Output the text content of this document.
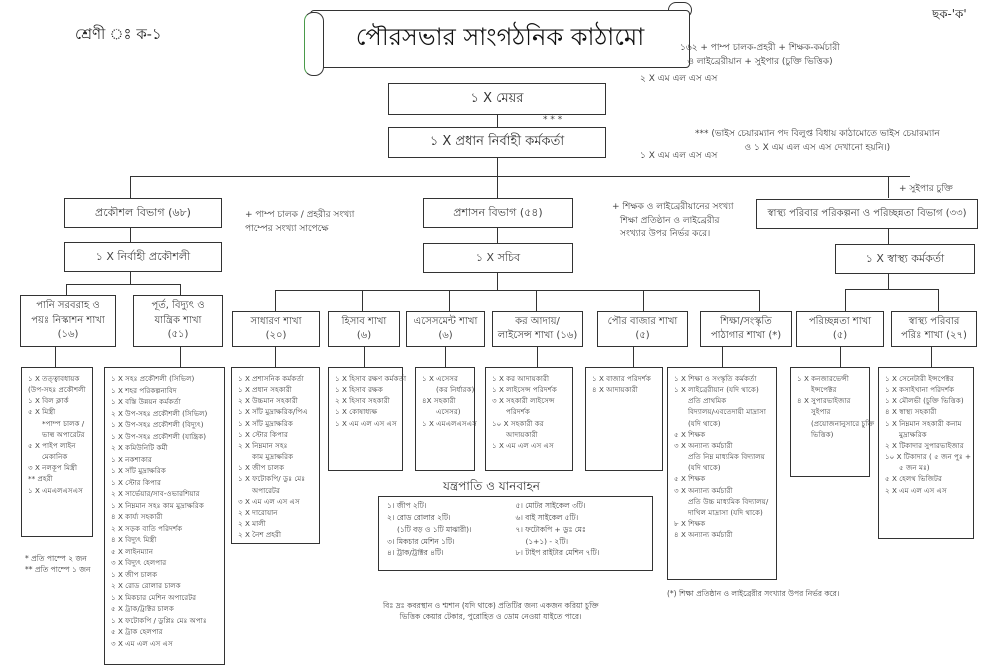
শ্রেণী ঃ ক-১	পৌরসভার সাংগঠনিক কাঠামো
ছক-'ক'
১৬২ + পাম্প চালক-প্রহরী + শিক্ষক-কর্মচারী
ও লাইব্রেরীয়ান + সুইপার (চুক্তি ভিত্তিক)
২ X এম এল এস এস
*** (ভাইস চেয়ারম্যান পদ বিলুপ্ত বিধায় কাঠামোতে ভাইস চেয়ারম্যান
ও ১ X এম এল এস এস দেখানো হয়নি।)
১ X এম এল এস এস
* * *
১ X মেয়র
১ X প্রধান নির্বাহী কর্মকর্তা
প্রকৌশল বিভাগ (৬৮)	+ পাম্প চালক / প্রহরীর সংখ্যা
পাম্পের সংখ্যা সাপেক্ষে
১ X নির্বাহী প্রকৌশলী
পানি সরবরাহ ও
পয়ঃ নিস্কাশন শাখা
(১৬)
পূর্ত, বিদ্যুৎ ও
যান্ত্রিক শাখা
(৫১)
১ X তত্ত্বাবধায়ক
(উপ-সহঃ প্রকৌশলী
১ X বিল ক্লার্ক
৫ X মিস্ত্রী
*পাম্প চালক /
ভাল্ব অপারেটর
৫ X পাইপ লাইন
মেকানিক
৩ X নলকূপ মিস্ত্রী
** প্রহরী
১ X এমএলএসএস
* প্রতি পাম্পে ২ জন
** প্রতি পাম্পে ১ জন
১ X সহঃ প্রকৌশলী (সিভিল)
১ X শহর পরিকল্পনাবিদ
১ X বস্তি উন্নয়ন কর্মকর্তা
২ X উপ-সহঃ প্রকৌশলী (সিভিল)
১ X উপ-সহঃ প্রকৌশলী (বিদ্যুৎ)
১ X উপ-সহঃ প্রকৌশলী (যান্ত্রিক)
২ X কমিউনিটি কর্মী
১ X নকশাকার
১ X সাঁট মুদ্রাক্ষরিক
১ X স্টোর কিপার
২ X সার্ভেয়ার/সাব-ওভারশিয়ার
১ X নিম্নমান সহঃ কাম মুদ্রাক্ষরিক
৪ X কার্য্য সহকারী
২ X সড়ক বাতি পরিদর্শক
৪ X বিদ্যুৎ মিস্ত্রী
৫ X লাইনম্যান
৩ X বিদ্যুৎ হেলপার
১ X জীপ চালক
২ X রোড রোলার চালক
১ X মিকচার মেশিন অপারেটর
৫ X ট্রাক/ট্রাক্টর চালক
১ X ফটোকপি / ডুপ্লিঃ মেঃ অপাঃ
৫ X ট্রাক হেলপার
৩ X এম এল এস এস
প্রশাসন বিভাগ (৫৪)	+ শিক্ষক ও লাইব্রেরীয়ানের সংখ্যা
শিক্ষা প্রতিষ্ঠান ও লাইব্রেরীর
সংখ্যার উপর নির্ভর করে।
১ X সচিব
সাধারণ শাখা
(২০)
হিসাব শাখা
(৬)
এসেসমেন্ট শাখা
(৬)
কর আদায়/
লাইসেন্স শাখা (১৬)
পৌর বাজার শাখা
(৫)
শিক্ষা/সংস্কৃতি
পাঠাগার শাখা (*)
১ X প্রশাসনিক কর্মকর্তা
১ X প্রধান সহকারী
২ X উচ্চমান সহকারী
১ X সাঁট মুদ্রাক্ষরিক/পিএ
১ X সাঁট মুদ্রাক্ষরিক
১ X স্টোর কিপার
২ X নিম্নমান সহঃ
কাম মুদ্রাক্ষরিক
১ X জীপ চালক
১ X ফটোকপি/ ডুঃ মেঃ
অপারেটর
৩ X এম এল এস এস
২ X দারোয়ান
২ X মালী
২ X নৈশ প্রহরী
১ X হিসাব রক্ষণ কর্মকর্তা
১ X হিসাব রক্ষক
২ X হিসাব সহকারী
১ X কোষাধ্যক্ষ
১ X এম এল এস এস
১ X এসেসর
(কর নির্ধারক)
৪X সহকারী
এসেসর)
১ X এমএলএসএস
১ X কর আদায়কারী
১ X লাইসেন্স পরিদর্শক
৩ X সহকারী লাইসেন্স
পরিদর্শক
১০ X সহকারী কর
আদায়কারী
১ X এম এল এস এস
১ X বাজার পরিদর্শক
৪ X আদায়কারী
১ X শিক্ষা ও সংস্কৃতি কর্মকর্তা
১ X লাইব্রেরীয়ান (যদি থাকে)
প্রতি প্রাথমিক
বিদ্যালয়/এবতেদায়ী মাদ্রাসা
(যদি থাকে)
৫ X শিক্ষক
৩ X অন্যান্য কর্মচারী
প্রতি নিম্ন মাধ্যমিক বিদ্যালয়
(যদি থাকে)
৫ X শিক্ষক
৩ X অন্যান্য কর্মচারী
প্রতি উচ্চ মাধ্যমিক বিদ্যালয়/
দাখিল মাদ্রাসা (যদি থাকে)
৮ X শিক্ষক
৪ X অন্যান্য কর্মচারী
(*) শিক্ষা প্রতিষ্ঠান ও লাইব্রেরীর সংখ্যার উপর নির্ভর করে।
যন্ত্রপাতি ও যানবাহন
১। জীপ ২টি।
২। রোড রোলার ২টি।
(১টি বড় ও ১টি মাঝারী)।
৩। মিকচার মেশিন ১টি।
৪। ট্রাক/ট্রাক্টর ৪টি।
৫। মোটর সাইকেল ৩টি।
৬। বাই সাইকেল ৫টি।
৭। ফটোকপি + ডুঃ মেঃ
(১+১) - ২টি।
৮। টাইপ রাইটার মেশিন ৭টি।
বিঃ দ্রঃ কবরস্থান ও শ্মশান (যদি থাকে) প্রতিটির জন্য একজন করিয়া চুক্তি
ভিত্তিক কেয়ার টেকার, পুরোহিত ও ডোম নেওয়া যাইতে পারে।
+ সুইপার চুক্তি
স্বাস্থ্য পরিবার পরিকল্পনা ও পরিচ্ছন্নতা বিভাগ (৩৩)
১ X স্বাস্থ্য কর্মকর্তা
পরিচ্ছন্নতা শাখা
(৫)
স্বাস্থ্য পরিবার
পরিঃ শাখা (২৭)
১ X কনজারভেন্সী
ইন্সপেক্টর
৪ X সুপারভাইজার
সুইপার
(প্রয়োজনানুসারে চুক্তি
ভিত্তিক)
১ X সেনেটারী ইন্সপেক্টর
১ X কসাইখানা পরিদর্শক
১ X মৌলভী (চুক্তি ভিত্তিক)
৪ X স্বাস্থ্য সহকারী
১ X নিম্নমান সহকারী কনাম
মুদ্রাক্ষরিক
২ X টিকাদার সুপারভাইজার
১০ X টিকাদার ( ৫ জন পুঃ +
৫ জন মঃ)
৫ X হেলথ ভিজিটর
২ X এম এল এস এস
